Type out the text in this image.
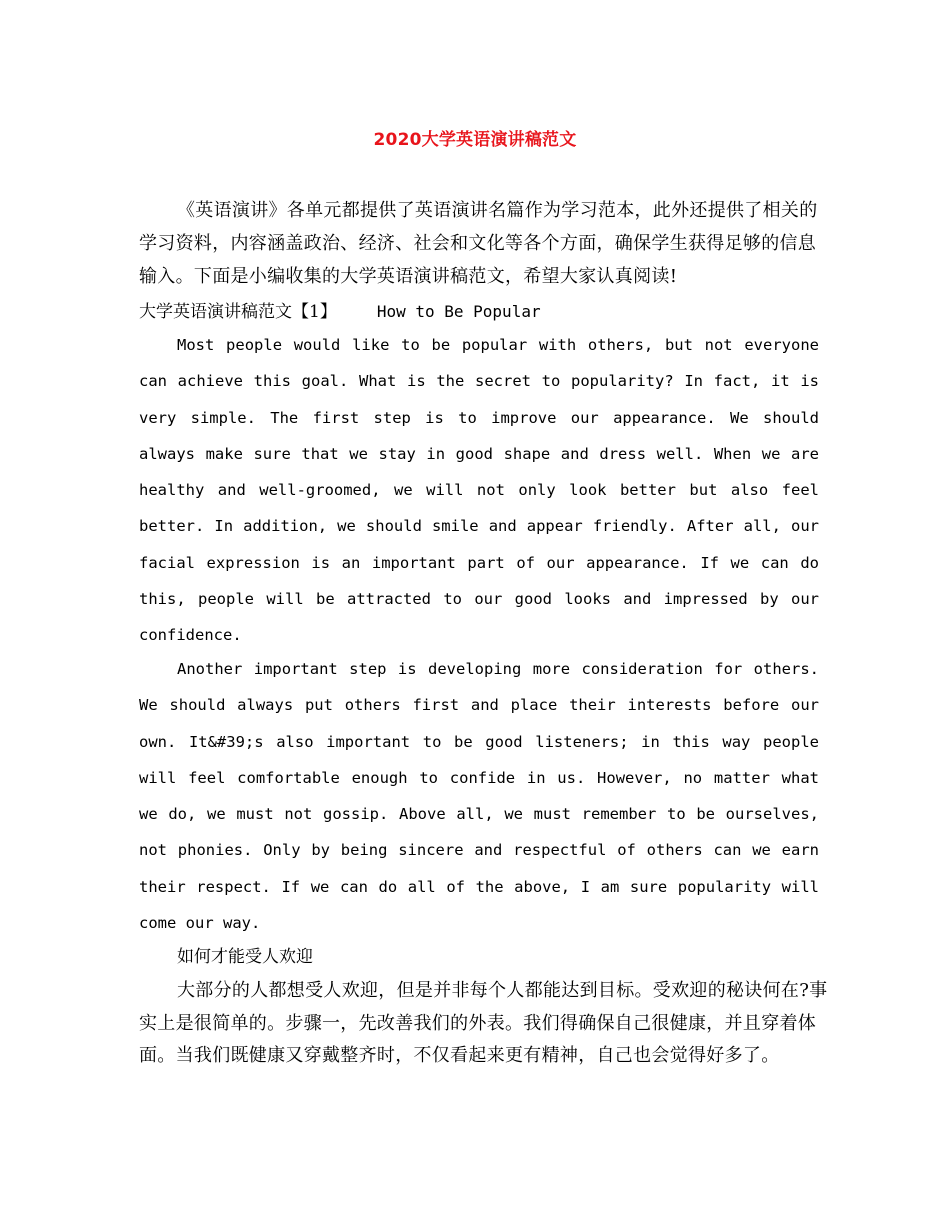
2020大学英语演讲稿范文

《英语演讲》各单元都提供了英语演讲名篇作为学习范本，此外还提供了相关的学习资料，内容涵盖政治、经济、社会和文化等各个方面，确保学生获得足够的信息输入。下面是小编收集的大学英语演讲稿范文，希望大家认真阅读!

大学英语演讲稿范文【1】	How to Be Popular

Most people would like to be popular with others, but not everyone can achieve this goal. What is the secret to popularity? In fact, it is very simple. The first step is to improve our appearance. We should always make sure that we stay in good shape and dress well. When we are healthy and well-groomed, we will not only look better but also feel better. In addition, we should smile and appear friendly. After all, our facial expression is an important part of our appearance. If we can do this, people will be attracted to our good looks and impressed by our confidence.

Another important step is developing more consideration for others. We should always put others first and place their interests before our own. It&#39;s also important to be good listeners; in this way people will feel comfortable enough to confide in us. However, no matter what we do, we must not gossip. Above all, we must remember to be ourselves, not phonies. Only by being sincere and respectful of others can we earn their respect. If we can do all of the above, I am sure popularity will come our way.

如何才能受人欢迎

大部分的人都想受人欢迎，但是并非每个人都能达到目标。受欢迎的秘诀何在?事实上是很简单的。步骤一，先改善我们的外表。我们得确保自己很健康，并且穿着体面。当我们既健康又穿戴整齐时，不仅看起来更有精神，自己也会觉得好多了。
